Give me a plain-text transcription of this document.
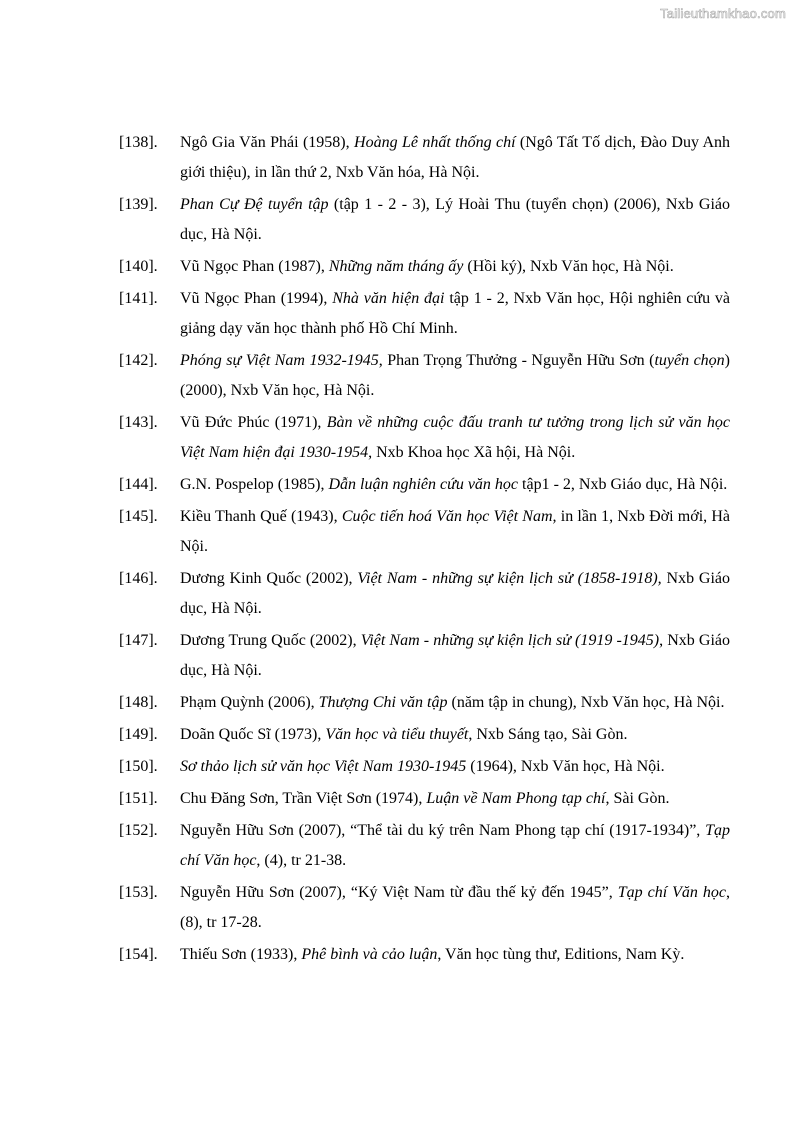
Tailieuthamkhao.com
[138]. Ngô Gia Văn Phái (1958), Hoàng Lê nhất thống chí (Ngô Tất Tố dịch, Đào Duy Anh giới thiệu), in lần thứ 2, Nxb Văn hóa, Hà Nội.
[139]. Phan Cự Đệ tuyển tập (tập 1 - 2 - 3), Lý Hoài Thu (tuyển chọn) (2006), Nxb Giáo dục, Hà Nội.
[140]. Vũ Ngọc Phan (1987), Những năm tháng ấy (Hồi ký), Nxb Văn học, Hà Nội.
[141]. Vũ Ngọc Phan (1994), Nhà văn hiện đại tập 1 - 2, Nxb Văn học, Hội nghiên cứu và giảng dạy văn học thành phố Hồ Chí Minh.
[142]. Phóng sự Việt Nam 1932-1945, Phan Trọng Thưởng - Nguyễn Hữu Sơn (tuyển chọn) (2000), Nxb Văn học, Hà Nội.
[143]. Vũ Đức Phúc (1971), Bàn về những cuộc đấu tranh tư tưởng trong lịch sử văn học Việt Nam hiện đại 1930-1954, Nxb Khoa học Xã hội, Hà Nội.
[144]. G.N. Pospelop (1985), Dẫn luận nghiên cứu văn học tập1 - 2, Nxb Giáo dục, Hà Nội.
[145]. Kiều Thanh Quế (1943), Cuộc tiến hoá Văn học Việt Nam, in lần 1, Nxb Đời mới, Hà Nội.
[146]. Dương Kinh Quốc (2002), Việt Nam - những sự kiện lịch sử (1858-1918), Nxb Giáo dục, Hà Nội.
[147]. Dương Trung Quốc (2002), Việt Nam - những sự kiện lịch sử (1919 -1945), Nxb Giáo dục, Hà Nội.
[148]. Phạm Quỳnh (2006), Thượng Chi văn tập (năm tập in chung), Nxb Văn học, Hà Nội.
[149]. Doãn Quốc Sĩ (1973), Văn học và tiểu thuyết, Nxb Sáng tạo, Sài Gòn.
[150]. Sơ thảo lịch sử văn học Việt Nam 1930-1945 (1964), Nxb Văn học, Hà Nội.
[151]. Chu Đăng Sơn, Trần Việt Sơn (1974), Luận về Nam Phong tạp chí, Sài Gòn.
[152]. Nguyễn Hữu Sơn (2007), “Thể tài du ký trên Nam Phong tạp chí (1917-1934)”, Tạp chí Văn học, (4), tr 21-38.
[153]. Nguyễn Hữu Sơn (2007), “Ký Việt Nam từ đầu thế kỷ đến 1945”, Tạp chí Văn học, (8), tr 17-28.
[154]. Thiếu Sơn (1933), Phê bình và cảo luận, Văn học tùng thư, Editions, Nam Kỳ.
